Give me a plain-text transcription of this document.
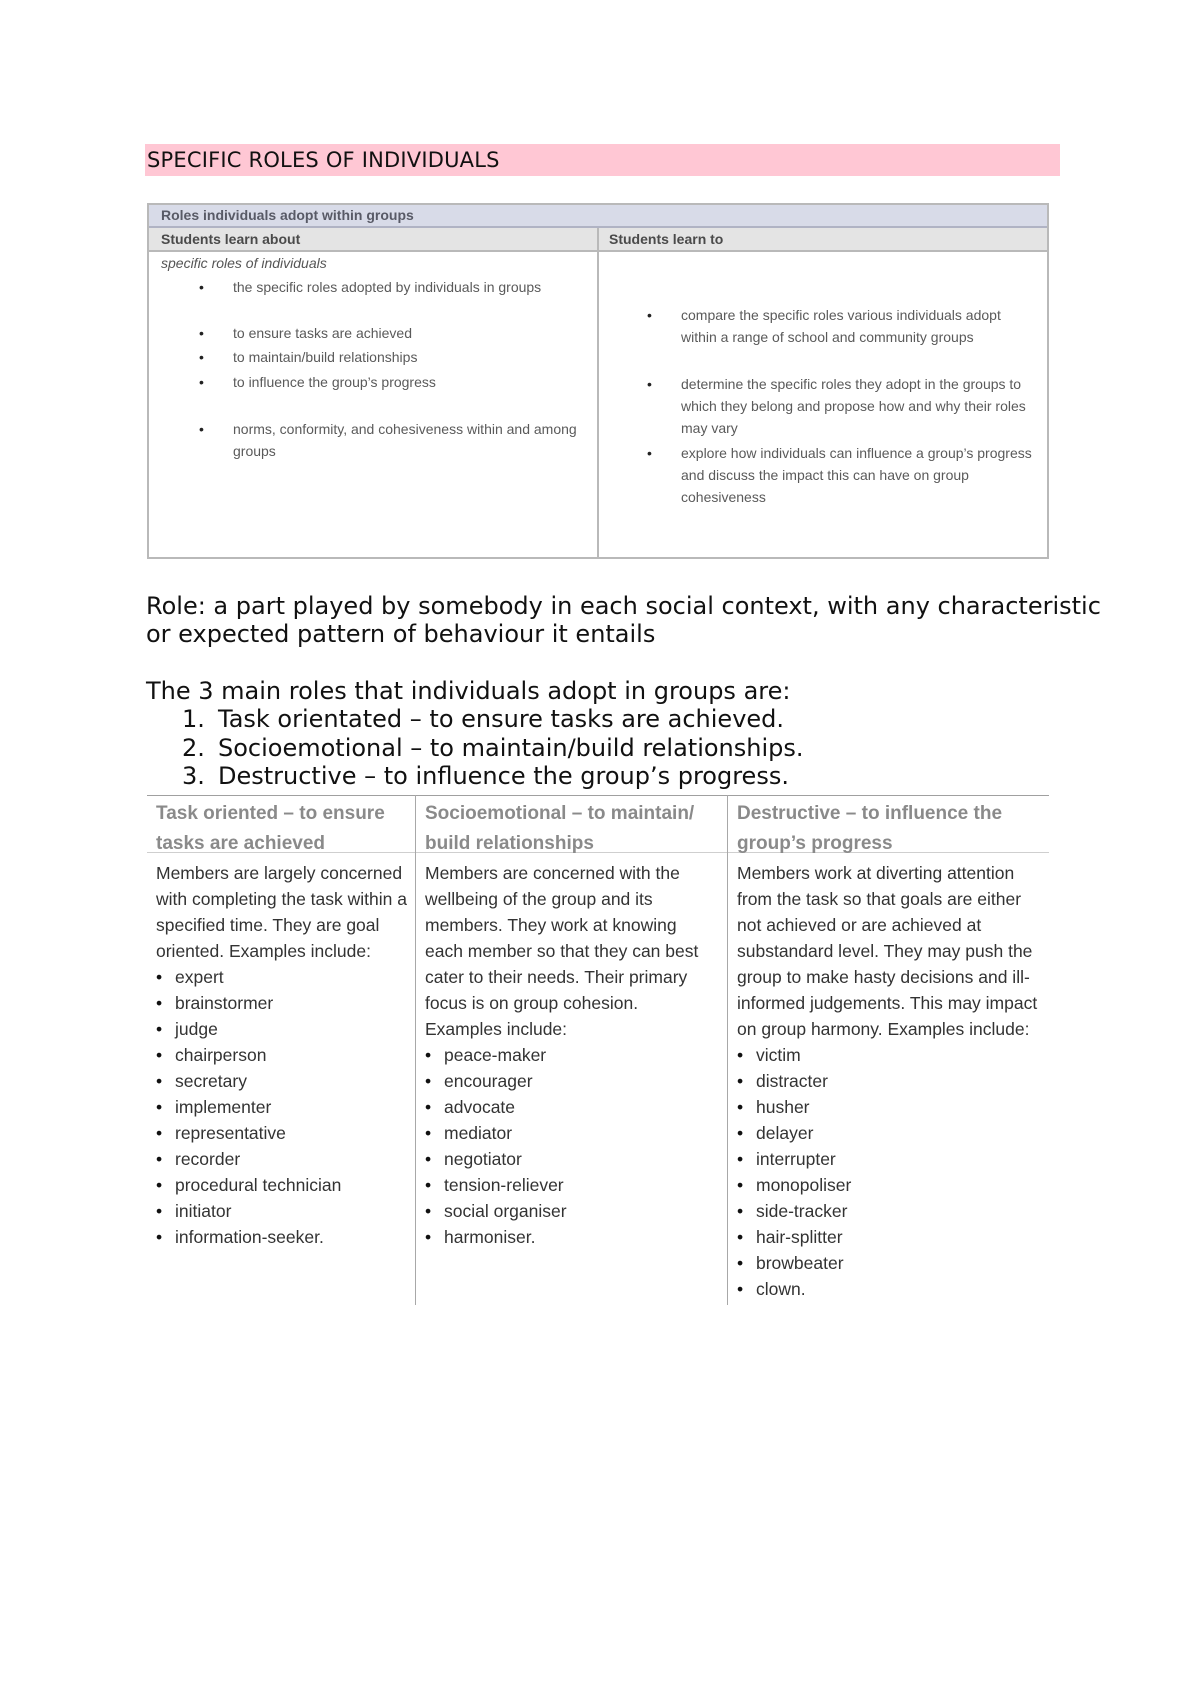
SPECIFIC ROLES OF INDIVIDUALS
Roles individuals adopt within groups
Students learn about	Students learn to
specific roles of individuals
• the specific roles adopted by individuals in groups
• to ensure tasks are achieved
• to maintain/build relationships
• to influence the group’s progress
• norms, conformity, and cohesiveness within and among groups
• compare the specific roles various individuals adopt within a range of school and community groups
• determine the specific roles they adopt in the groups to which they belong and propose how and why their roles may vary
• explore how individuals can influence a group’s progress and discuss the impact this can have on group cohesiveness
Role: a part played by somebody in each social context, with any characteristic or expected pattern of behaviour it entails
The 3 main roles that individuals adopt in groups are:
1. Task orientated – to ensure tasks are achieved.
2. Socioemotional – to maintain/build relationships.
3. Destructive – to influence the group’s progress.
Task oriented – to ensure tasks are achieved
Members are largely concerned with completing the task within a specified time. They are goal oriented. Examples include:
• expert
• brainstormer
• judge
• chairperson
• secretary
• implementer
• representative
• recorder
• procedural technician
• initiator
• information-seeker.
Socioemotional – to maintain/ build relationships
Members are concerned with the wellbeing of the group and its members. They work at knowing each member so that they can best cater to their needs. Their primary focus is on group cohesion. Examples include:
• peace-maker
• encourager
• advocate
• mediator
• negotiator
• tension-reliever
• social organiser
• harmoniser.
Destructive – to influence the group’s progress
Members work at diverting attention from the task so that goals are either not achieved or are achieved at substandard level. They may push the group to make hasty decisions and ill-informed judgements. This may impact on group harmony. Examples include:
• victim
• distracter
• husher
• delayer
• interrupter
• monopoliser
• side-tracker
• hair-splitter
• browbeater
• clown.
